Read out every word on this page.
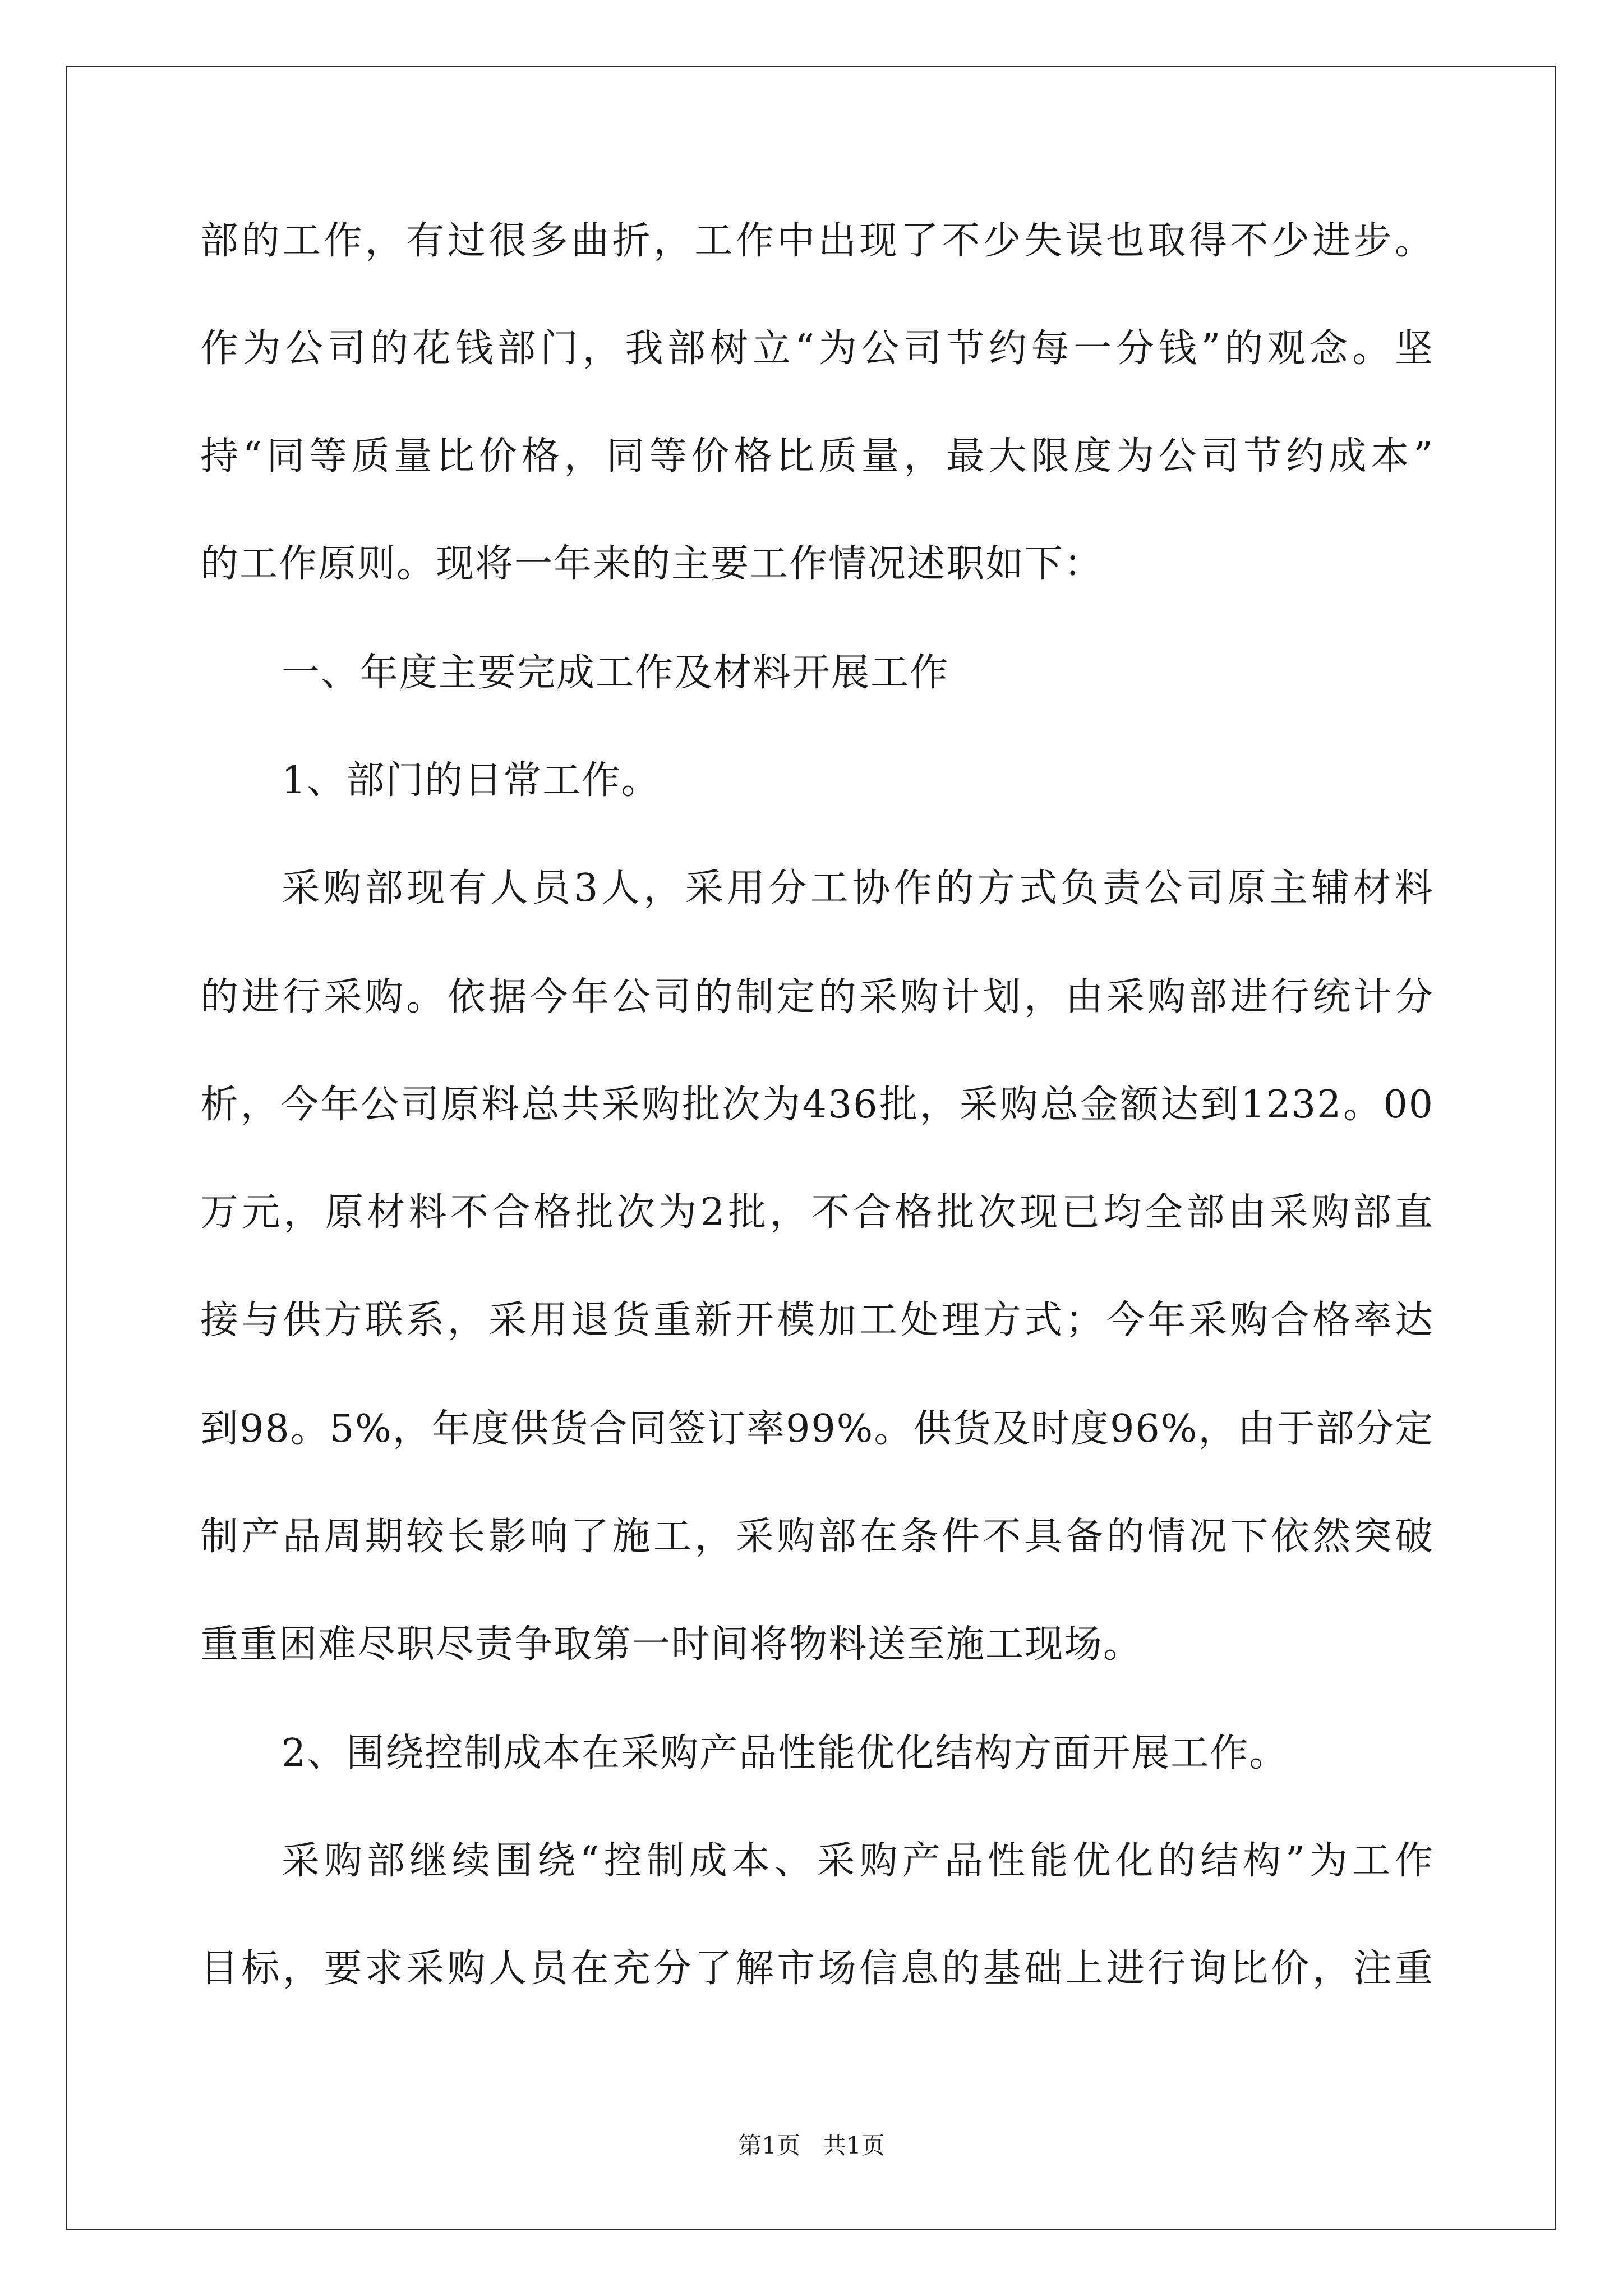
部的工作，有过很多曲折，工作中出现了不少失误也取得不少进步。
作为公司的花钱部门，我部树立“为公司节约每一分钱”的观念。坚
持“同等质量比价格，同等价格比质量，最大限度为公司节约成本”
的工作原则。现将一年来的主要工作情况述职如下：
一、年度主要完成工作及材料开展工作
1、部门的日常工作。
采购部现有人员3人，采用分工协作的方式负责公司原主辅材料
的进行采购。依据今年公司的制定的采购计划，由采购部进行统计分
析，今年公司原料总共采购批次为436批，采购总金额达到1232。00
万元，原材料不合格批次为2批，不合格批次现已均全部由采购部直
接与供方联系，采用退货重新开模加工处理方式；今年采购合格率达
到98。5%，年度供货合同签订率99%。供货及时度96%，由于部分定
制产品周期较长影响了施工，采购部在条件不具备的情况下依然突破
重重困难尽职尽责争取第一时间将物料送至施工现场。
2、围绕控制成本在采购产品性能优化结构方面开展工作。
采购部继续围绕“控制成本、采购产品性能优化的结构”为工作
目标，要求采购人员在充分了解市场信息的基础上进行询比价，注重
第1页 共1页
